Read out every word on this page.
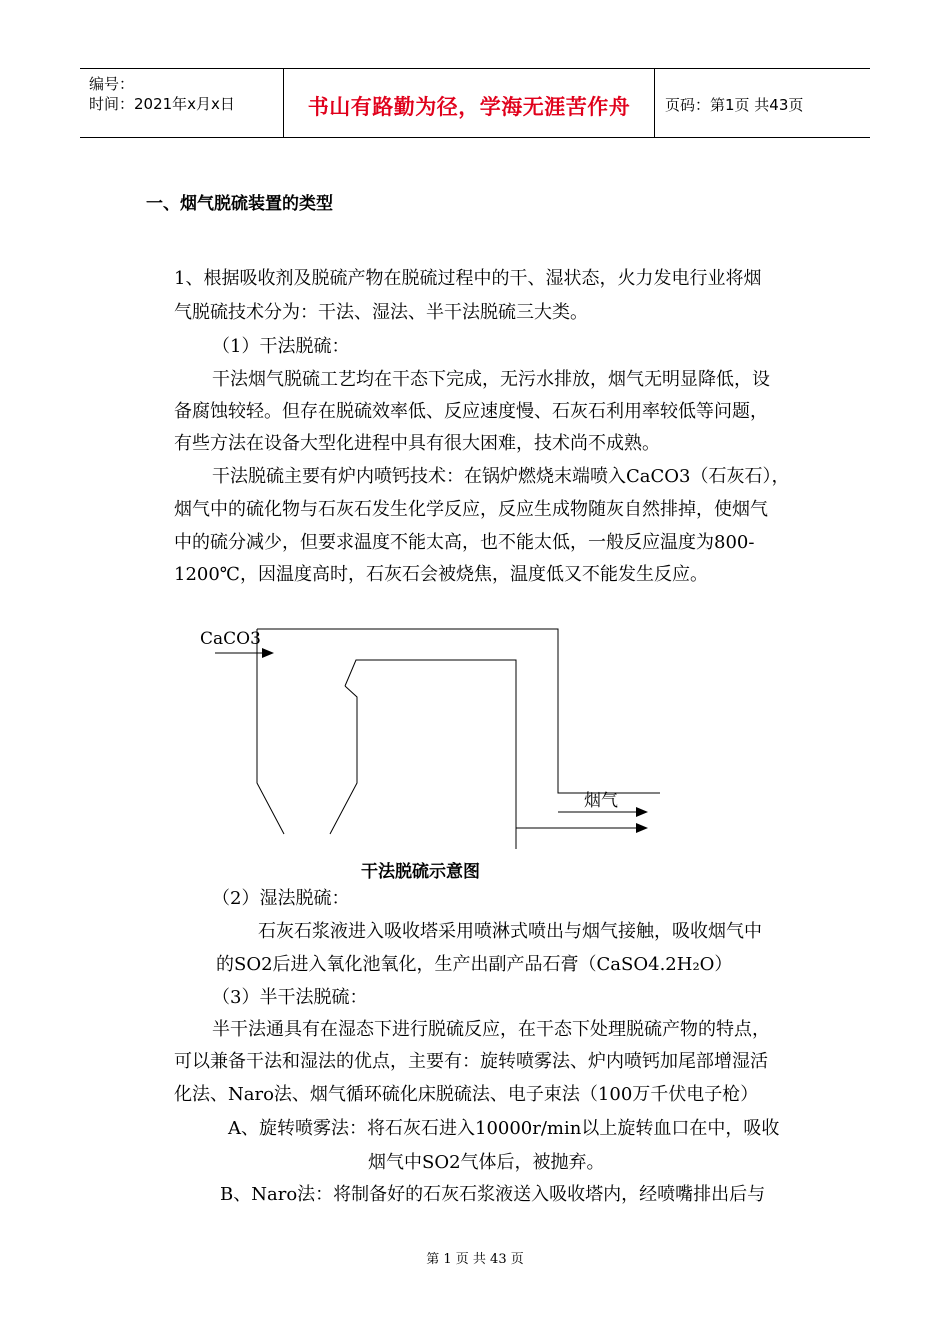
编号：
时间：2021年x月x日	书山有路勤为径，学海无涯苦作舟	页码：第1页 共43页
一、烟气脱硫装置的类型
1、根据吸收剂及脱硫产物在脱硫过程中的干、湿状态，火力发电行业将烟
气脱硫技术分为：干法、湿法、半干法脱硫三大类。
（1）干法脱硫：
干法烟气脱硫工艺均在干态下完成，无污水排放，烟气无明显降低，设
备腐蚀较轻。但存在脱硫效率低、反应速度慢、石灰石利用率较低等问题，
有些方法在设备大型化进程中具有很大困难，技术尚不成熟。
干法脱硫主要有炉内喷钙技术：在锅炉燃烧末端喷入CaCO3（石灰石），
烟气中的硫化物与石灰石发生化学反应，反应生成物随灰自然排掉，使烟气
中的硫分减少，但要求温度不能太高，也不能太低，一般反应温度为800-
1200℃，因温度高时，石灰石会被烧焦，温度低又不能发生反应。
CaCO3
烟气
干法脱硫示意图
（2）湿法脱硫：
石灰石浆液进入吸收塔采用喷淋式喷出与烟气接触，吸收烟气中
的SO2后进入氧化池氧化，生产出副产品石膏（CaSO4.2H₂O）
（3）半干法脱硫：
半干法通具有在湿态下进行脱硫反应，在干态下处理脱硫产物的特点，
可以兼备干法和湿法的优点，主要有：旋转喷雾法、炉内喷钙加尾部增湿活
化法、Naro法、烟气循环硫化床脱硫法、电子束法（100万千伏电子枪）
A、旋转喷雾法：将石灰石进入10000r/min以上旋转血口在中，吸收
烟气中SO2气体后，被抛弃。
B、Naro法：将制备好的石灰石浆液送入吸收塔内，经喷嘴排出后与
第 1 页 共 43 页
